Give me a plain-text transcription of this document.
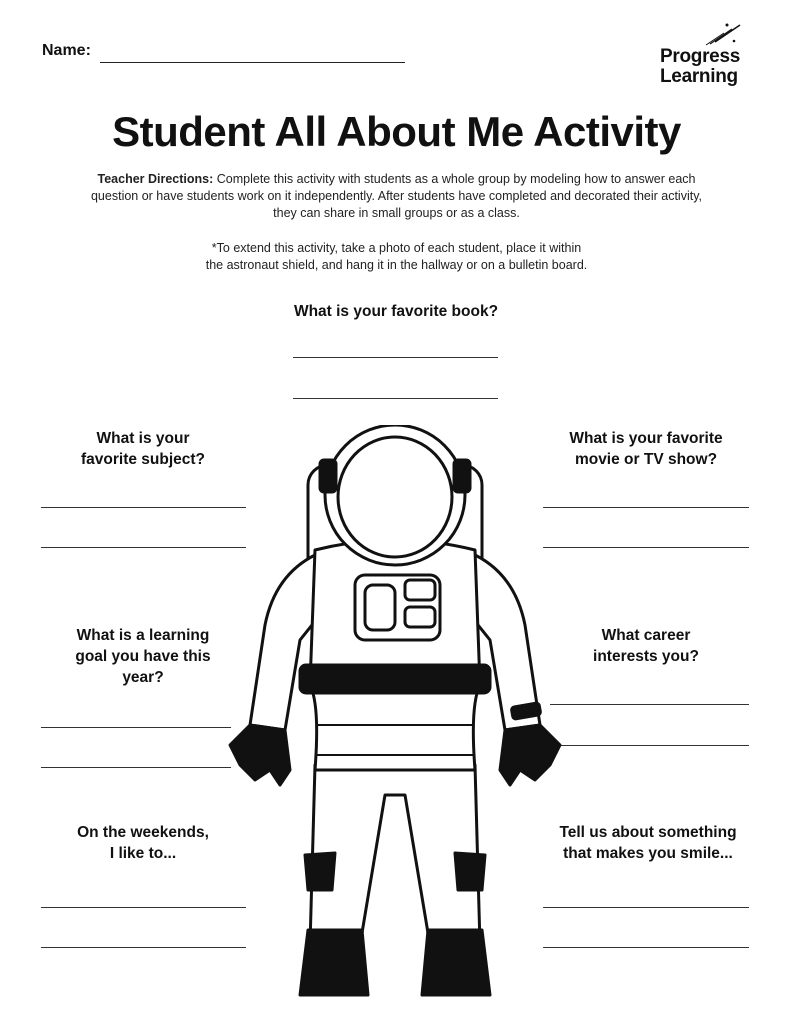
Name:	Progress
Learning
Student All About Me Activity
Teacher Directions: Complete this activity with students as a whole group by modeling how to answer each question or have students work on it independently. After students have completed and decorated their activity, they can share in small groups or as a class.
*To extend this activity, take a photo of each student, place it within
the astronaut shield, and hang it in the hallway or on a bulletin board.
What is your favorite book?
What is your
favorite subject?
What is your favorite
movie or TV show?
What is a learning
goal you have this
year?
What career
interests you?
On the weekends,
I like to...
Tell us about something
that makes you smile...
